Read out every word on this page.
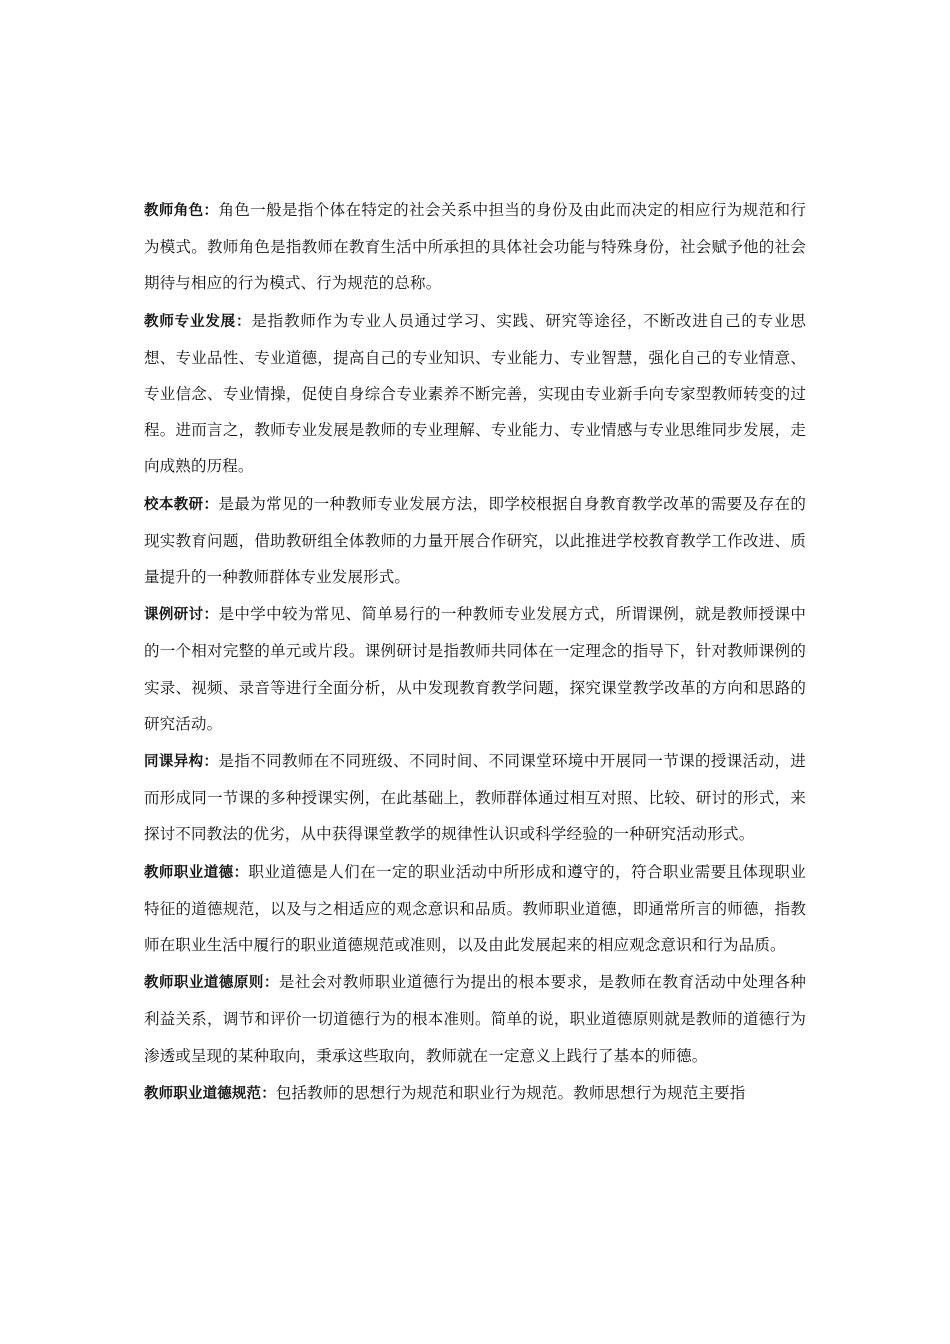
教师角色：角色一般是指个体在特定的社会关系中担当的身份及由此而决定的相应行为规范和行为模式。教师角色是指教师在教育生活中所承担的具体社会功能与特殊身份，社会赋予他的社会期待与相应的行为模式、行为规范的总称。

教师专业发展：是指教师作为专业人员通过学习、实践、研究等途径，不断改进自己的专业思想、专业品性、专业道德，提高自己的专业知识、专业能力、专业智慧，强化自己的专业情意、专业信念、专业情操，促使自身综合专业素养不断完善，实现由专业新手向专家型教师转变的过程。进而言之，教师专业发展是教师的专业理解、专业能力、专业情感与专业思维同步发展，走向成熟的历程。

校本教研：是最为常见的一种教师专业发展方法，即学校根据自身教育教学改革的需要及存在的现实教育问题，借助教研组全体教师的力量开展合作研究，以此推进学校教育教学工作改进、质量提升的一种教师群体专业发展形式。

课例研讨：是中学中较为常见、简单易行的一种教师专业发展方式，所谓课例，就是教师授课中的一个相对完整的单元或片段。课例研讨是指教师共同体在一定理念的指导下，针对教师课例的实录、视频、录音等进行全面分析，从中发现教育教学问题，探究课堂教学改革的方向和思路的研究活动。

同课异构：是指不同教师在不同班级、不同时间、不同课堂环境中开展同一节课的授课活动，进而形成同一节课的多种授课实例，在此基础上，教师群体通过相互对照、比较、研讨的形式，来探讨不同教法的优劣，从中获得课堂教学的规律性认识或科学经验的一种研究活动形式。

教师职业道德：职业道德是人们在一定的职业活动中所形成和遵守的，符合职业需要且体现职业特征的道德规范，以及与之相适应的观念意识和品质。教师职业道德，即通常所言的师德，指教师在职业生活中履行的职业道德规范或准则，以及由此发展起来的相应观念意识和行为品质。

教师职业道德原则：是社会对教师职业道德行为提出的根本要求，是教师在教育活动中处理各种利益关系，调节和评价一切道德行为的根本准则。简单的说，职业道德原则就是教师的道德行为渗透或呈现的某种取向，秉承这些取向，教师就在一定意义上践行了基本的师德。

教师职业道德规范：包括教师的思想行为规范和职业行为规范。教师思想行为规范主要指
